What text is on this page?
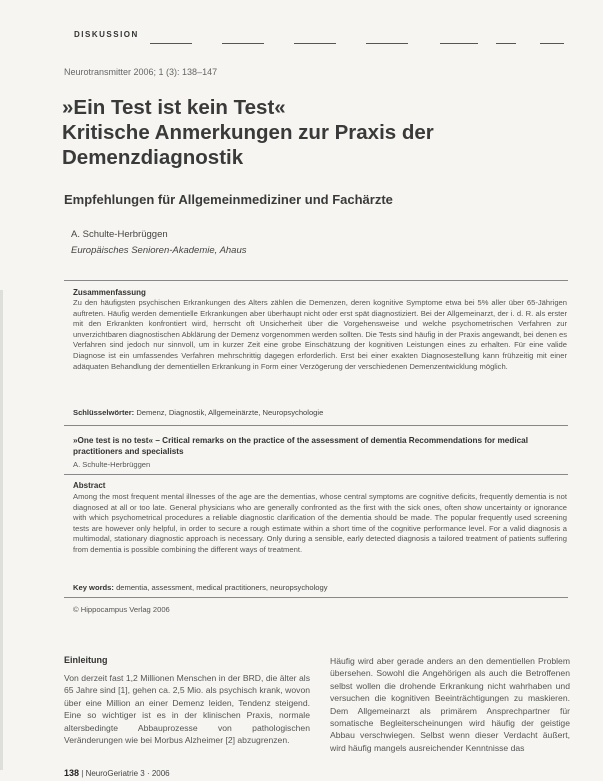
DISKUSSION
Neurotransmitter 2006; 1 (3): 138–147
»Ein Test ist kein Test«
Kritische Anmerkungen zur Praxis der
Demenzdiagnostik
Empfehlungen für Allgemeinmediziner und Fachärzte
A. Schulte-Herbrüggen
Europäisches Senioren-Akademie, Ahaus
Zusammenfassung
Zu den häufigsten psychischen Erkrankungen des Alters zählen die Demenzen, deren kognitive Symptome etwa bei 5% aller über 65-Jährigen auftreten. Häufig werden dementielle Erkrankungen aber überhaupt nicht oder erst spät diagnostiziert. Bei der Allgemeinarzt, der i. d. R. als erster mit den Erkrankten konfrontiert wird, herrscht oft Unsicherheit über die Vorgehensweise und welche psychometrischen Verfahren zur unverzichtbaren diagnostischen Abklärung der Demenz vorgenommen werden sollten. Die Tests sind häufig in der Praxis angewandt, bei denen es Verfahren sind jedoch nur sinnvoll, um in kurzer Zeit eine grobe Einschätzung der kognitiven Leistungen eines zu erhalten. Für eine valide Diagnose ist ein umfassendes Verfahren mehrschrittig dagegen erforderlich. Erst bei einer exakten Diagnosestellung kann frühzeitig mit einer adäquaten Behandlung der dementiellen Erkrankung in Form einer Verzögerung der verschiedenen Demenzentwicklung möglich.
Schlüsselwörter: Demenz, Diagnostik, Allgemeinärzte, Neuropsychologie
»One test is no test« – Critical remarks on the practice of the assessment of dementia Recommendations for medical practitioners and specialists
A. Schulte-Herbrüggen
Abstract
Among the most frequent mental illnesses of the age are the dementias, whose central symptoms are cognitive deficits, frequently dementia is not diagnosed at all or too late. General physicians who are generally confronted as the first with the sick ones, often show uncertainty or ignorance with which psychometrical procedures a reliable diagnostic clarification of the dementia should be made. The popular frequently used screening tests are however only helpful, in order to secure a rough estimate within a short time of the cognitive performance level. For a valid diagnosis a multimodal, stationary diagnostic approach is necessary. Only during a sensible, early detected diagnosis a tailored treatment of patients suffering from dementia is possible combining the different ways of treatment.
Key words: dementia, assessment, medical practitioners, neuropsychology
© Hippocampus Verlag 2006
Einleitung
Von derzeit fast 1,2 Millionen Menschen in der BRD, die älter als 65 Jahre sind [1], gehen ca. 2,5 Mio. als psychisch krank, wovon über eine Million an einer Demenz leiden, Tendenz steigend. Eine so wichtiger ist es in der klinischen Praxis, normale altersbedingte Abbauprozesse von pathologischen Veränderungen wie bei Morbus Alzheimer [2] abzugrenzen.
Häufig wird aber gerade anders an den dementiellen Problem übersehen. Sowohl die Angehörigen als auch die Betroffenen selbst wollen die drohende Erkrankung nicht wahrhaben und versuchen die kognitiven Beeinträchtigungen zu maskieren. Dem Allgemeinarzt als primärem Ansprechpartner für somatische Begleiterscheinungen wird häufig der geistige Abbau verschwiegen. Selbst wenn dieser Verdacht äußert, wird häufig mangels ausreichender Kenntnisse das
138 | NeuroGeriatrie 3 · 2006
